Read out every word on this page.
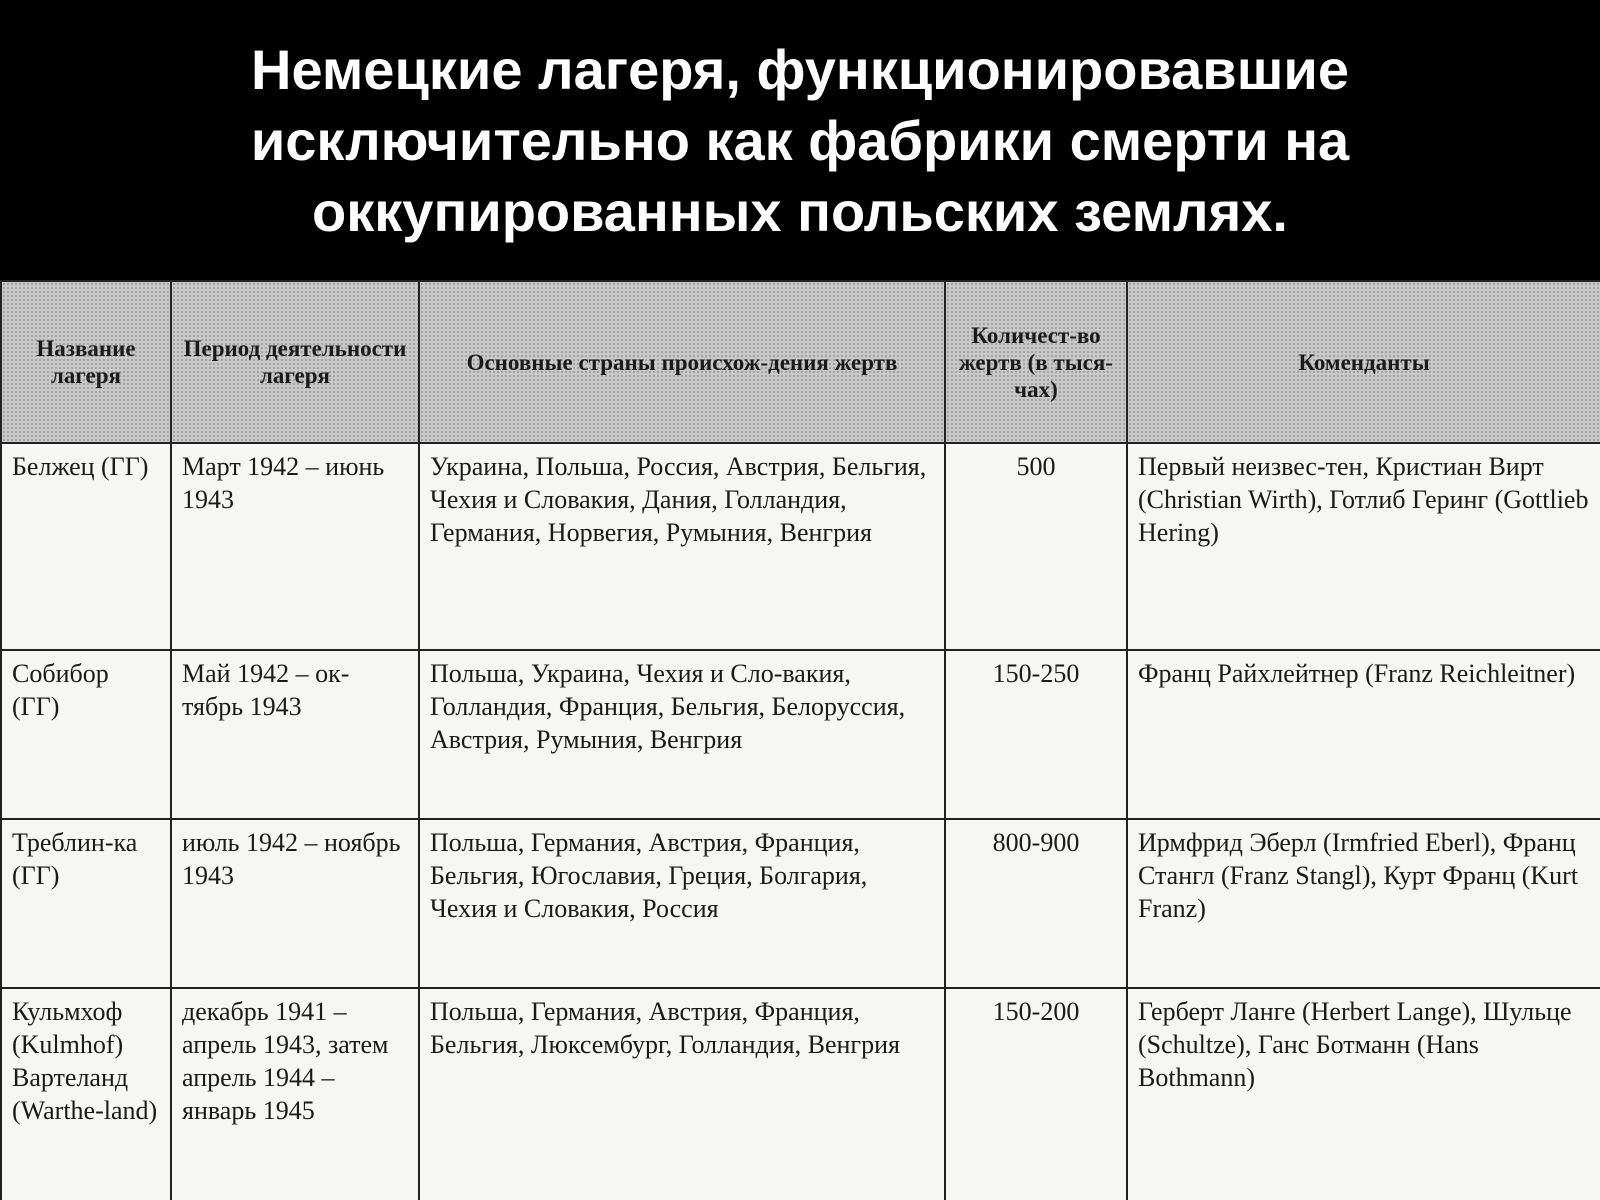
Немецкие лагеря, функционировавшие исключительно как фабрики смерти на оккупированных польских землях.
Название лагеря	Период деятельности лагеря	Основные страны происхож-дения жертв	Количест-во жертв (в тыся-чах)	Коменданты
Белжец (ГГ)	Март 1942 – июнь 1943	Украина, Польша, Россия, Австрия, Бельгия, Чехия и Словакия, Дания, Голландия, Германия, Норвегия, Румыния, Венгрия	500	Первый неизвес-тен, Кристиан Вирт (Christian Wirth), Готлиб Геринг (Gottlieb Hering)
Собибор (ГГ)	Май 1942 – ок-тябрь 1943	Польша, Украина, Чехия и Сло-вакия, Голландия, Франция, Бельгия, Белоруссия, Австрия, Румыния, Венгрия	150-250	Франц Райхлейтнер (Franz Reichleitner)
Треблин-ка (ГГ)	июль 1942 – ноябрь 1943	Польша, Германия, Австрия, Франция, Бельгия, Югославия, Греция, Болгария, Чехия и Словакия, Россия	800-900	Ирмфрид Эберл (Irmfried Eberl), Франц Стангл (Franz Stangl), Курт Франц (Kurt Franz)
Кульмхоф (Kulmhof) Вартеланд (Warthe-land)	декабрь 1941 –апрель 1943, затем апрель 1944 – январь 1945	Польша, Германия, Австрия, Франция, Бельгия, Люксембург, Голландия, Венгрия	150-200	Герберт Ланге (Herbert Lange), Шульце (Schultze), Ганс Ботманн (Hans Bothmann)
